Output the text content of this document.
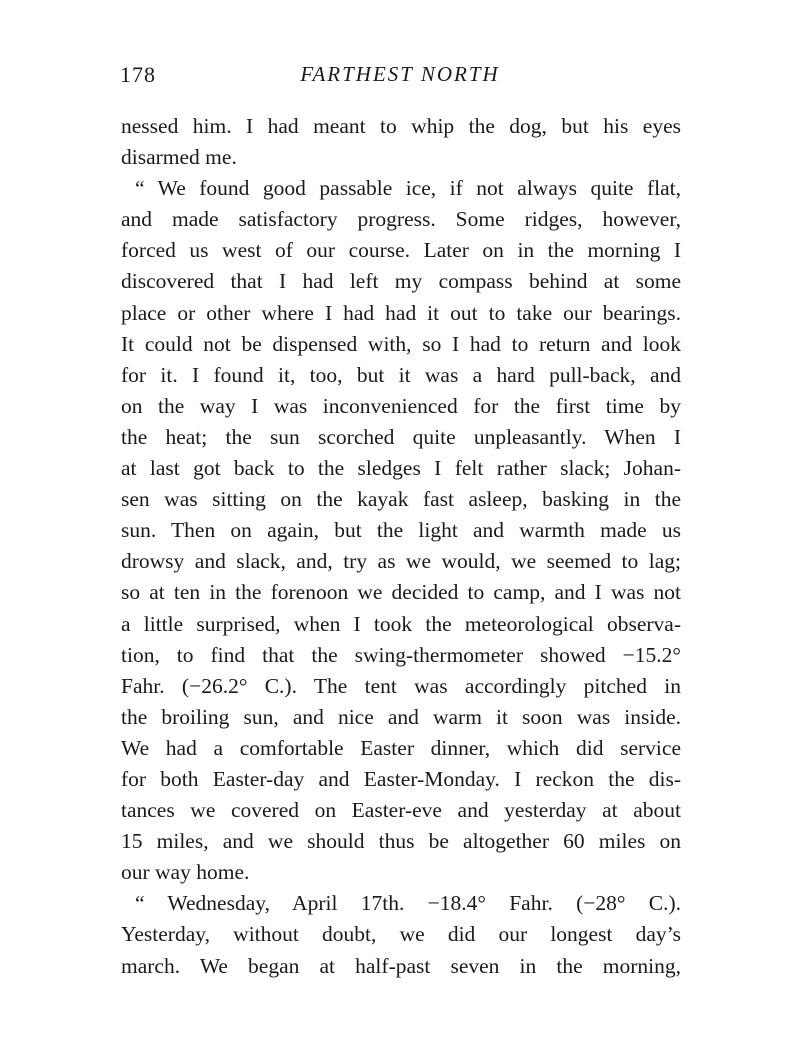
178	FARTHEST NORTH
nessed him. I had meant to whip the dog, but his eyes
disarmed me.
“ We found good passable ice, if not always quite flat,
and made satisfactory progress. Some ridges, however,
forced us west of our course. Later on in the morning I
discovered that I had left my compass behind at some
place or other where I had had it out to take our bearings.
It could not be dispensed with, so I had to return and look
for it. I found it, too, but it was a hard pull-back, and
on the way I was inconvenienced for the first time by
the heat; the sun scorched quite unpleasantly. When I
at last got back to the sledges I felt rather slack; Johan-
sen was sitting on the kayak fast asleep, basking in the
sun. Then on again, but the light and warmth made us
drowsy and slack, and, try as we would, we seemed to lag;
so at ten in the forenoon we decided to camp, and I was not
a little surprised, when I took the meteorological observa-
tion, to find that the swing-thermometer showed −15.2°
Fahr. (−26.2° C.). The tent was accordingly pitched in
the broiling sun, and nice and warm it soon was inside.
We had a comfortable Easter dinner, which did service
for both Easter-day and Easter-Monday. I reckon the dis-
tances we covered on Easter-eve and yesterday at about
15 miles, and we should thus be altogether 60 miles on
our way home.
“ Wednesday, April 17th. −18.4° Fahr. (−28° C.).
Yesterday, without doubt, we did our longest day’s
march. We began at half-past seven in the morning,
